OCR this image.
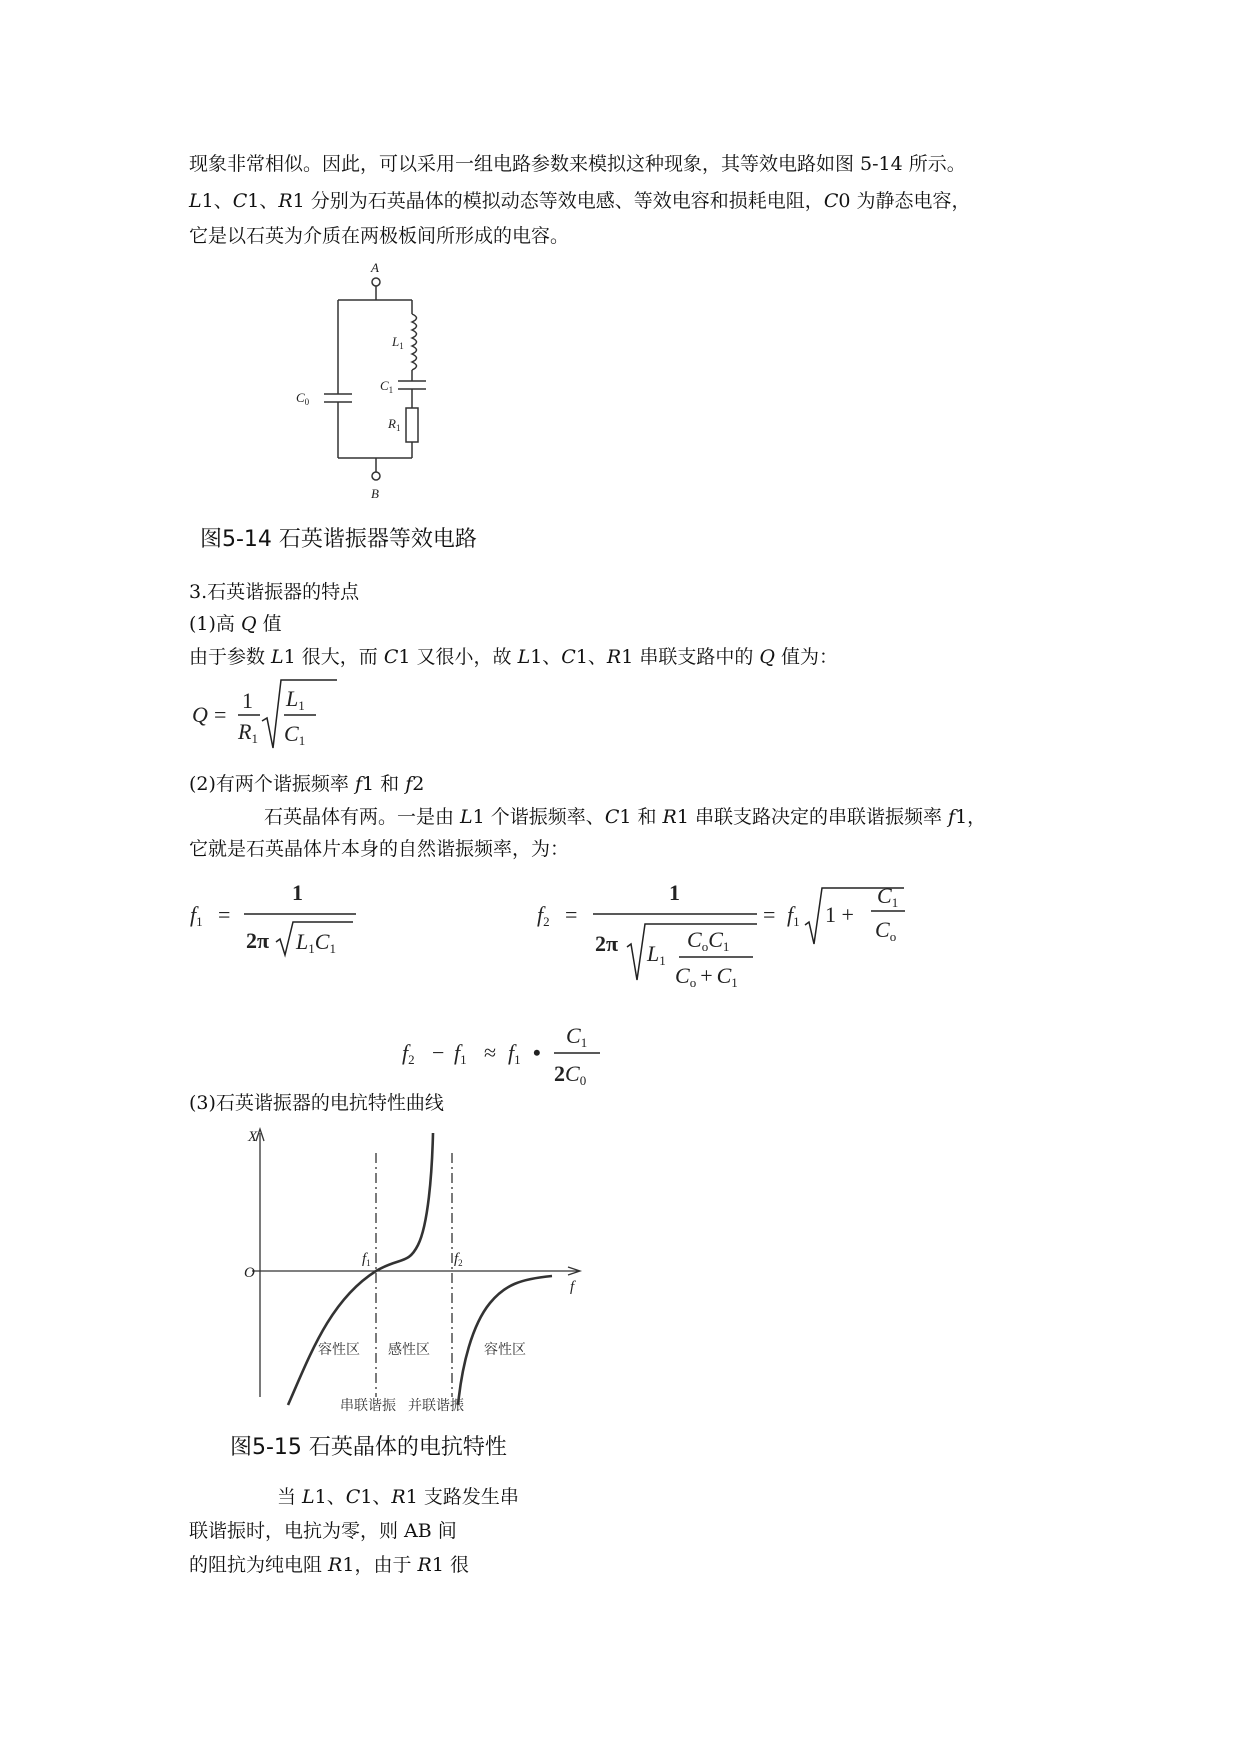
现象非常相似。因此，可以采用一组电路参数来模拟这种现象，其等效电路如图 5-14 所示。
L1、C1、R1 分别为石英晶体的模拟动态等效电感、等效电容和损耗电阻，C0 为静态电容，
它是以石英为介质在两极板间所形成的电容。
A
B
$C_0$
$L_1$
$C_1$
$R_1$
图5-14 石英谐振器等效电路
3.石英谐振器的特点
(1)高 Q 值
由于参数 L1 很大，而 C1 又很小，故 L1、C1、R1 串联支路中的 Q 值为：
Q =
1
R1
L1
C1
(2)有两个谐振频率 f1 和 f2
石英晶体有两。一是由 L1 个谐振频率、C1 和 R1 串联支路决定的串联谐振频率 f1，
它就是石英晶体片本身的自然谐振频率，为：
f1 =
1
2π L1C1
f2 =
1
2π L1
CoC1
Co + C1
= f1 1 +
C1
Co
f2 − f1 ≈ f1 •
C1
2C0
(3)石英谐振器的电抗特性曲线
X
f
O
$f_1$	$f_2$
容性区 感性区	容性区
串联谐振 并联谐振
图5-15 石英晶体的电抗特性
当 L1、C1、R1 支路发生串
联谐振时，电抗为零，则 AB 间
的阻抗为纯电阻 R1，由于 R1 很
